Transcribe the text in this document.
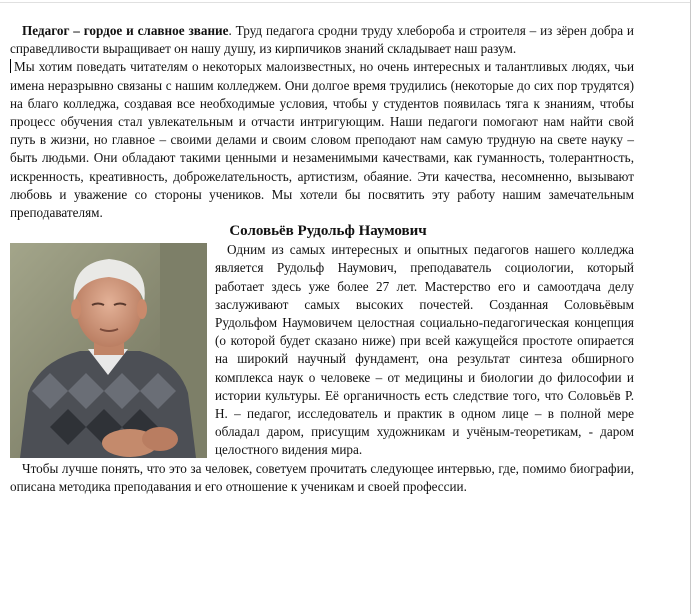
Педагог – гордое и славное звание. Труд педагога сродни труду хлебороба и строителя – из зёрен добра и справедливости выращивает он нашу душу, из кирпичиков знаний складывает наш разум.

Мы хотим поведать читателям о некоторых малоизвестных, но очень интересных и талантливых людях, чьи имена неразрывно связаны с нашим колледжем. Они долгое время трудились (некоторые до сих пор трудятся) на благо колледжа, создавая все необходимые условия, чтобы у студентов появилась тяга к знаниям, чтобы процесс обучения стал увлекательным и отчасти интригующим. Наши педагоги помогают нам найти свой путь в жизни, но главное – своими делами и своим словом преподают нам самую трудную на свете науку – быть людьми. Они обладают такими ценными и незаменимыми качествами, как гуманность, толерантность, искренность, креативность, доброжелательность, артистизм, обаяние. Эти качества, несомненно, вызывают любовь и уважение со стороны учеников. Мы хотели бы посвятить эту работу нашим замечательным преподавателям.

Соловьёв Рудольф Наумович

Одним из самых интересных и опытных педагогов нашего колледжа является Рудольф Наумович, преподаватель социологии, который работает здесь уже более 27 лет. Мастерство его и самоотдача делу заслуживают самых высоких почестей. Созданная Соловьёвым Рудольфом Наумовичем целостная социально-педагогическая концепция (о которой будет сказано ниже) при всей кажущейся простоте опирается на широкий научный фундамент, она результат синтеза обширного комплекса наук о человеке – от медицины и биологии до философии и истории культуры. Её органичность есть следствие того, что Соловьёв Р. Н. – педагог, исследователь и практик в одном лице – в полной мере обладал даром, присущим художникам и учёным-теоретикам, - даром целостного видения мира.

Чтобы лучше понять, что это за человек, советуем прочитать следующее интервью, где, помимо биографии, описана методика преподавания и его отношение к ученикам и своей профессии.
